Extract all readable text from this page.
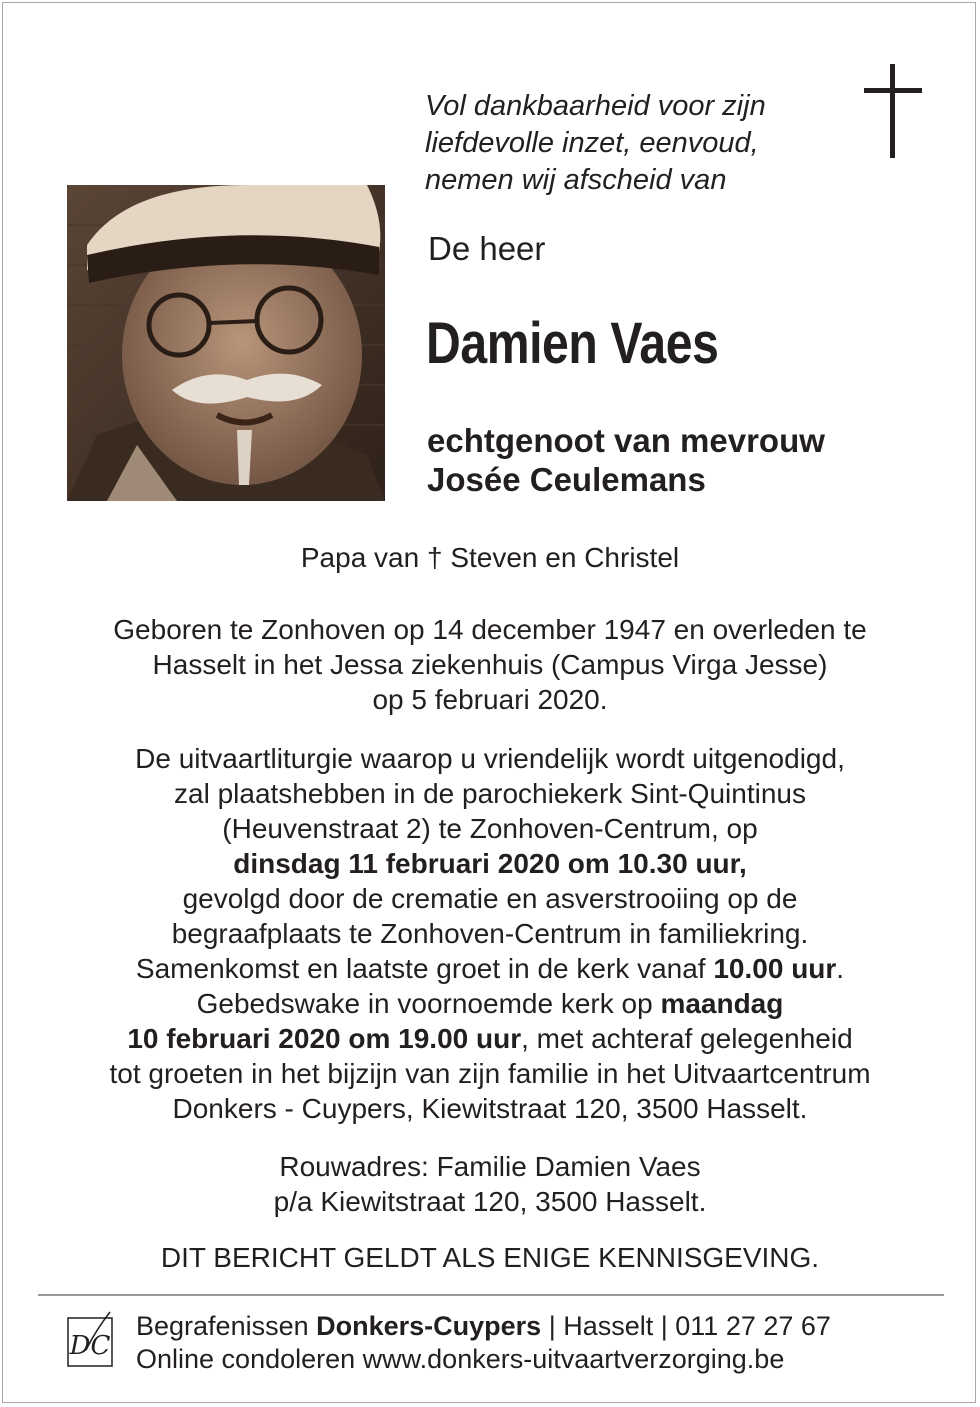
Vol dankbaarheid voor zijn liefdevolle inzet, eenvoud, nemen wij afscheid van
De heer
Damien Vaes
echtgenoot van mevrouw
Josée Ceulemans
Papa van † Steven en Christel
Geboren te Zonhoven op 14 december 1947 en overleden te
Hasselt in het Jessa ziekenhuis (Campus Virga Jesse)
op 5 februari 2020.
De uitvaartliturgie waarop u vriendelijk wordt uitgenodigd,
zal plaatshebben in de parochiekerk Sint-Quintinus
(Heuvenstraat 2) te Zonhoven-Centrum, op
dinsdag 11 februari 2020 om 10.30 uur,
gevolgd door de crematie en asverstrooiing op de
begraafplaats te Zonhoven-Centrum in familiekring.
Samenkomst en laatste groet in de kerk vanaf 10.00 uur.
Gebedswake in voornoemde kerk op maandag
10 februari 2020 om 19.00 uur, met achteraf gelegenheid
tot groeten in het bijzijn van zijn familie in het Uitvaartcentrum
Donkers - Cuypers, Kiewitstraat 120, 3500 Hasselt.
Rouwadres: Familie Damien Vaes
p/a Kiewitstraat 120, 3500 Hasselt.
DIT BERICHT GELDT ALS ENIGE KENNISGEVING.
DC
Begrafenissen Donkers-Cuypers | Hasselt | 011 27 27 67
Online condoleren www.donkers-uitvaartverzorging.be
